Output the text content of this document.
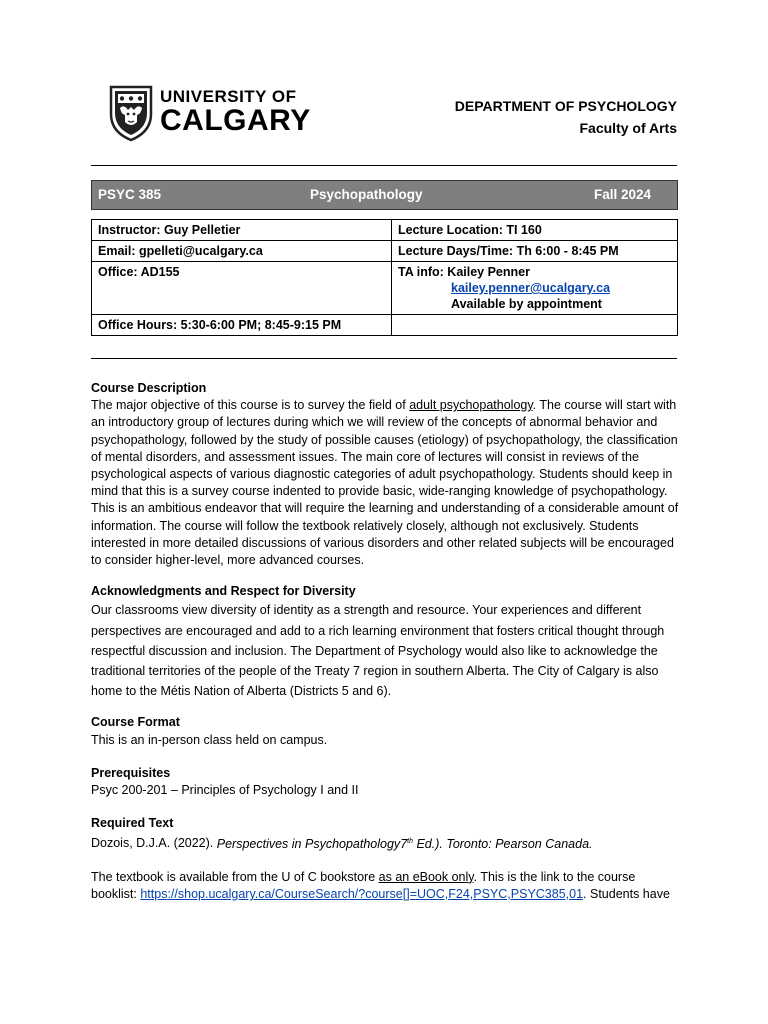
UNIVERSITY OF
CALGARY	DEPARTMENT OF PSYCHOLOGY
Faculty of Arts
PSYC 385	Psychopathology	Fall 2024
Instructor: Guy Pelletier	Lecture Location: TI 160
Email: gpelleti@ucalgary.ca	Lecture Days/Time: Th 6:00 - 8:45 PM
Office: AD155	TA info: Kailey Penner
kailey.penner@ucalgary.ca
Available by appointment

Office Hours: 5:30-6:00 PM; 8:45-9:15 PM	

Course Description

The major objective of this course is to survey the field of adult psychopathology. The course will start with an introductory group of lectures during which we will review of the concepts of abnormal behavior and psychopathology, followed by the study of possible causes (etiology) of psychopathology, the classification of mental disorders, and assessment issues. The main core of lectures will consist in reviews of the psychological aspects of various diagnostic categories of adult psychopathology. Students should keep in mind that this is a survey course indented to provide basic, wide-ranging knowledge of psychopathology. This is an ambitious endeavor that will require the learning and understanding of a considerable amount of information. The course will follow the textbook relatively closely, although not exclusively. Students interested in more detailed discussions of various disorders and other related subjects will be encouraged to consider higher-level, more advanced courses.

Acknowledgments and Respect for Diversity

Our classrooms view diversity of identity as a strength and resource. Your experiences and different perspectives are encouraged and add to a rich learning environment that fosters critical thought through respectful discussion and inclusion. The Department of Psychology would also like to acknowledge the traditional territories of the people of the Treaty 7 region in southern Alberta. The City of Calgary is also home to the Métis Nation of Alberta (Districts 5 and 6).

Course Format

This is an in-person class held on campus.

Prerequisites

Psyc 200-201 – Principles of Psychology I and II

Required Text

Dozois, D.J.A. (2022). Perspectives in Psychopathology7th Ed.). Toronto: Pearson Canada.

The textbook is available from the U of C bookstore as an eBook only. This is the link to the course booklist: https://shop.ucalgary.ca/CourseSearch/?course[]=UOC,F24,PSYC,PSYC385,01. Students have
